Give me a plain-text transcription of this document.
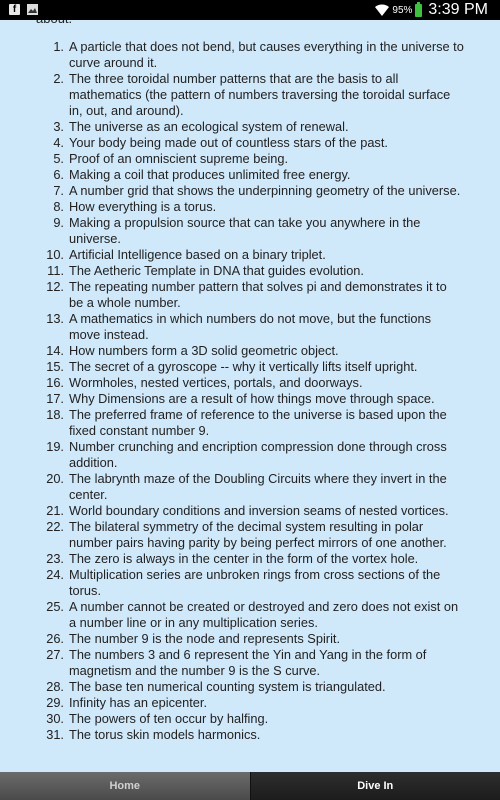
1. A particle that does not bend, but causes everything in the universe to curve around it.
2. The three toroidal number patterns that are the basis to all mathematics (the pattern of numbers traversing the toroidal surface in, out, and around).
3. The universe as an ecological system of renewal.
4. Your body being made out of countless stars of the past.
5. Proof of an omniscient supreme being.
6. Making a coil that produces unlimited free energy.
7. A number grid that shows the underpinning geometry of the universe.
8. How everything is a torus.
9. Making a propulsion source that can take you anywhere in the universe.
10. Artificial Intelligence based on a binary triplet.
11. The Aetheric Template in DNA that guides evolution.
12. The repeating number pattern that solves pi and demonstrates it to be a whole number.
13. A mathematics in which numbers do not move, but the functions move instead.
14. How numbers form a 3D solid geometric object.
15. The secret of a gyroscope -- why it vertically lifts itself upright.
16. Wormholes, nested vertices, portals, and doorways.
17. Why Dimensions are a result of how things move through space.
18. The preferred frame of reference to the universe is based upon the fixed constant number 9.
19. Number crunching and encription compression done through cross addition.
20. The labrynth maze of the Doubling Circuits where they invert in the center.
21. World boundary conditions and inversion seams of nested vortices.
22. The bilateral symmetry of the decimal system resulting in polar number pairs having parity by being perfect mirrors of one another.
23. The zero is always in the center in the form of the vortex hole.
24. Multiplication series are unbroken rings from cross sections of the torus.
25. A number cannot be created or destroyed and zero does not exist on a number line or in any multiplication series.
26. The number 9 is the node and represents Spirit.
27. The numbers 3 and 6 represent the Yin and Yang in the form of magnetism and the number 9 is the S curve.
28. The base ten numerical counting system is triangulated.
29. Infinity has an epicenter.
30. The powers of ten occur by halfing.
31. The torus skin models harmonics.
f	95% 3:39 PM
Home	Dive In
